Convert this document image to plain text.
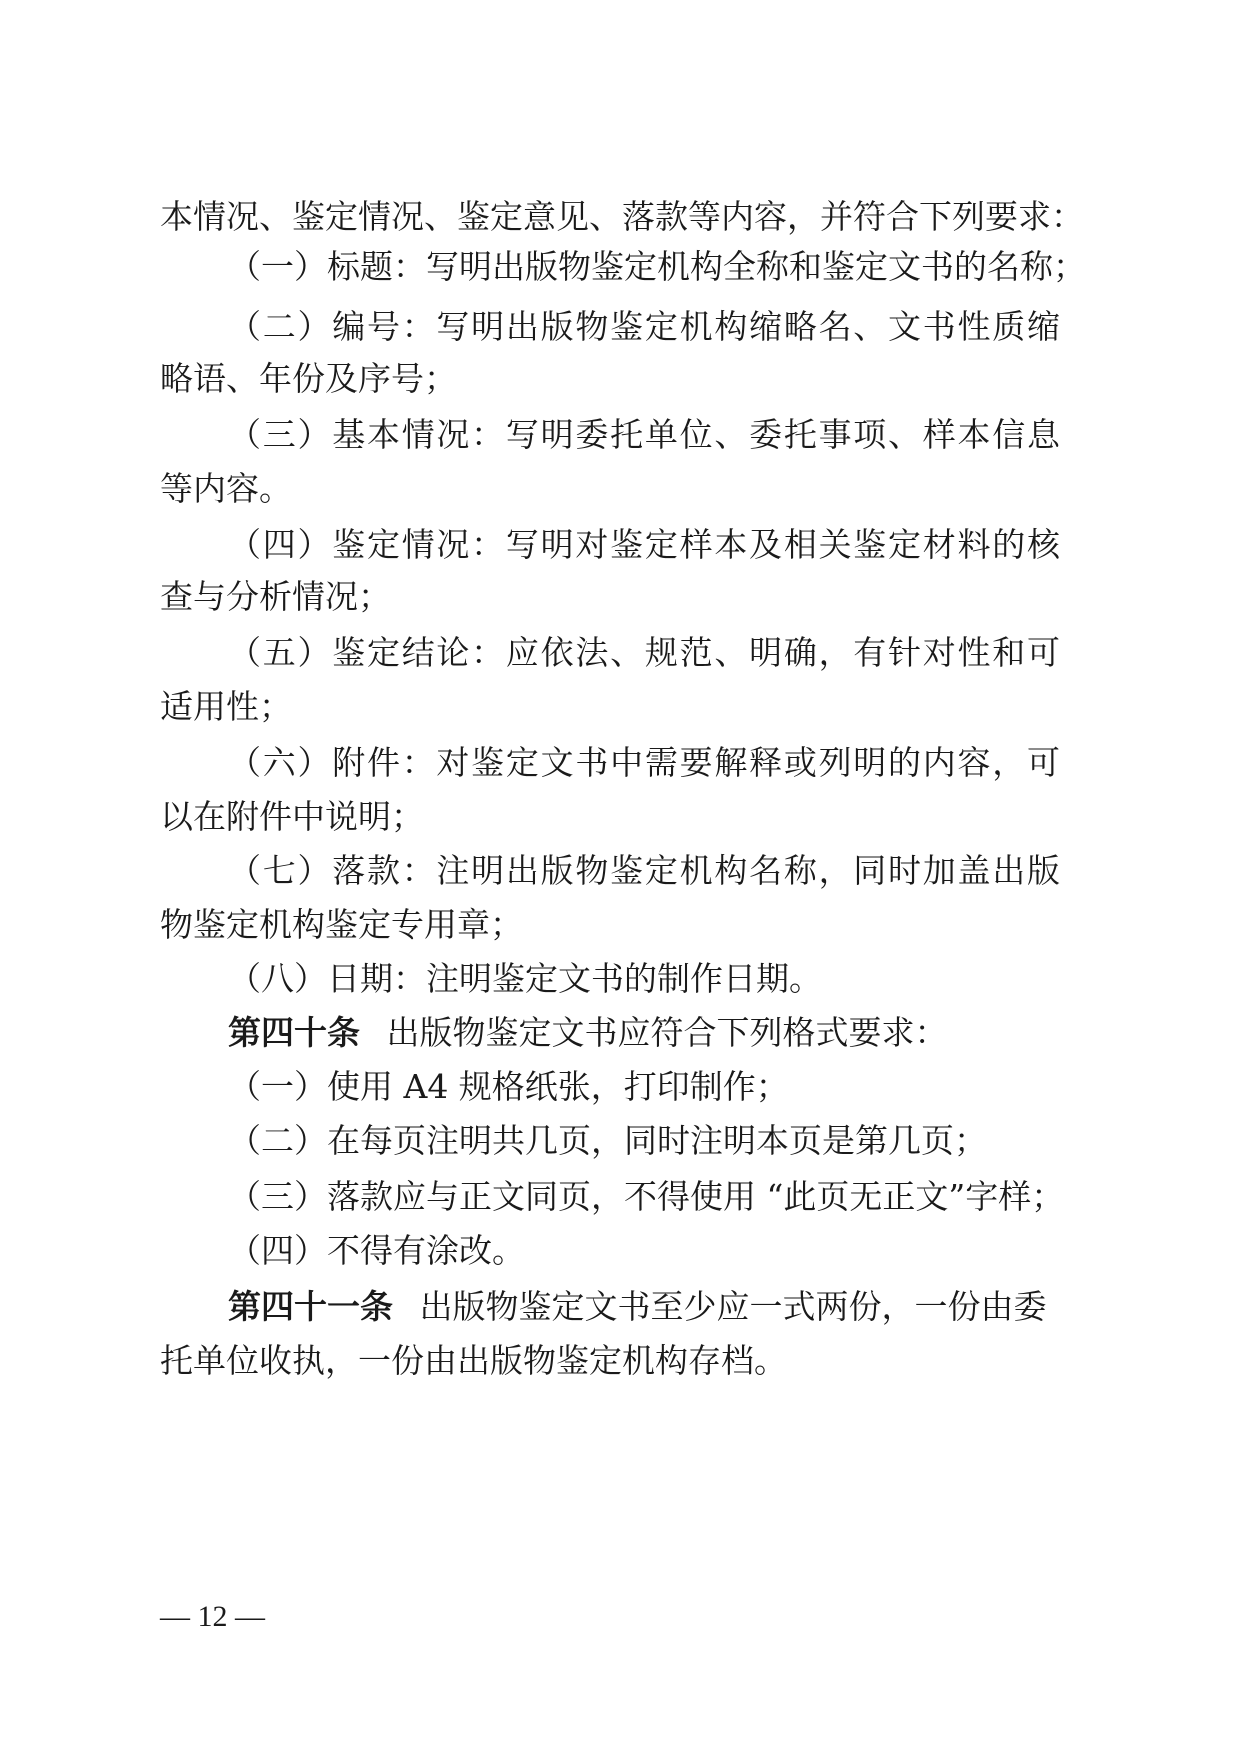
本情况、鉴定情况、鉴定意见、落款等内容，并符合下列要求：
（一）标题：写明出版物鉴定机构全称和鉴定文书的名称；
（二）编号：写明出版物鉴定机构缩略名、文书性质缩
略语、年份及序号；
（三）基本情况：写明委托单位、委托事项、样本信息
等内容。
（四）鉴定情况：写明对鉴定样本及相关鉴定材料的核
查与分析情况；
（五）鉴定结论：应依法、规范、明确，有针对性和可
适用性；
（六）附件：对鉴定文书中需要解释或列明的内容，可
以在附件中说明；
（七）落款：注明出版物鉴定机构名称，同时加盖出版
物鉴定机构鉴定专用章；
（八）日期：注明鉴定文书的制作日期。
第四十条 出版物鉴定文书应符合下列格式要求：
（一）使用 A4 规格纸张，打印制作；
（二）在每页注明共几页，同时注明本页是第几页；
（三）落款应与正文同页，不得使用 “此页无正文”字样；
（四）不得有涂改。
第四十一条 出版物鉴定文书至少应一式两份，一份由委
托单位收执，一份由出版物鉴定机构存档。
— 12 —
